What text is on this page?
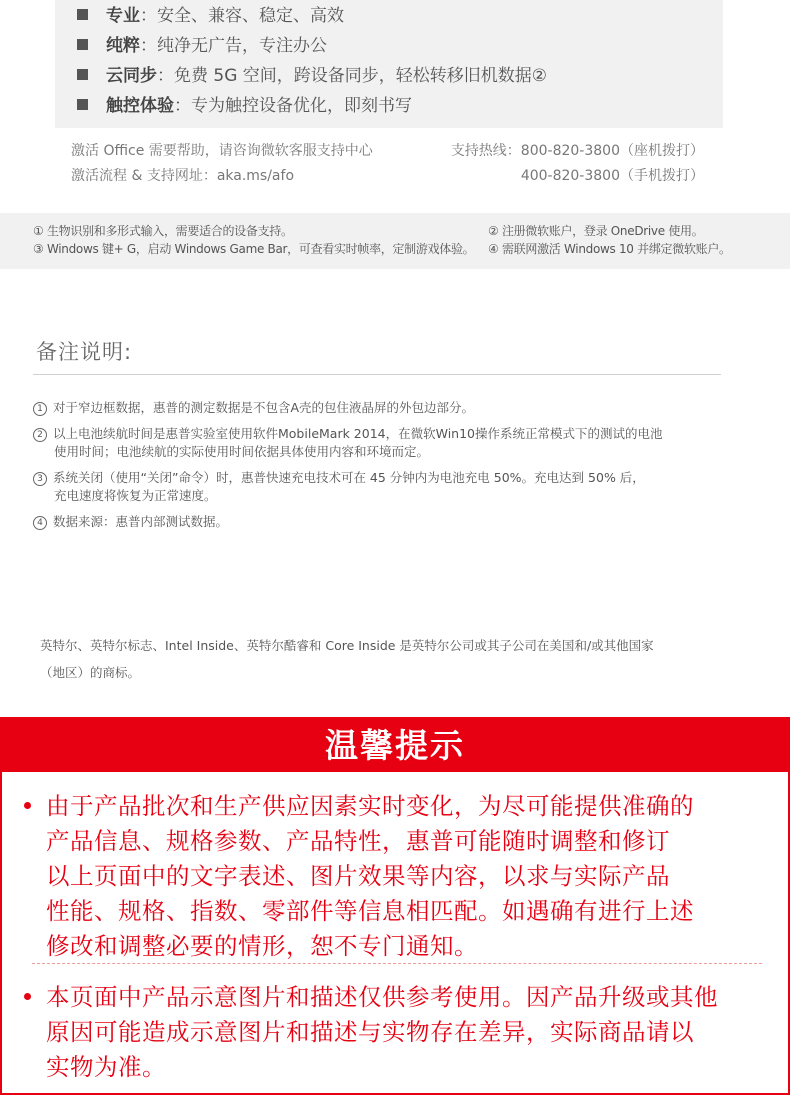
专业：安全、兼容、稳定、高效
纯粹：纯净无广告，专注办公
云同步：免费 5G 空间，跨设备同步，轻松转移旧机数据②
触控体验：专为触控设备优化，即刻书写
激活 Office 需要帮助，请咨询微软客服支持中心
激活流程 & 支持网址：aka.ms/afo
支持热线：800-820-3800（座机拨打）
400-820-3800（手机拨打）
① 生物识别和多形式输入，需要适合的设备支持。	② 注册微软账户，登录 OneDrive 使用。
③ Windows 键+ G，启动 Windows Game Bar，可查看实时帧率，定制游戏体验。 ④ 需联网激活 Windows 10 并绑定微软账户。
备注说明:
1 对于窄边框数据，惠普的测定数据是不包含A壳的包住液晶屏的外包边部分。
2 以上电池续航时间是惠普实验室使用软件MobileMark 2014，在微软Win10操作系统正常模式下的测试的电池
使用时间；电池续航的实际使用时间依据具体使用内容和环境而定。
3 系统关闭（使用“关闭”命令）时，惠普快速充电技术可在 45 分钟内为电池充电 50%。充电达到 50% 后，
充电速度将恢复为正常速度。
4 数据来源：惠普内部测试数据。
英特尔、英特尔标志、Intel Inside、英特尔酷睿和 Core Inside 是英特尔公司或其子公司在美国和/或其他国家
（地区）的商标。
温馨提示
由于产品批次和生产供应因素实时变化，为尽可能提供准确的
产品信息、规格参数、产品特性，惠普可能随时调整和修订
以上页面中的文字表述、图片效果等内容，以求与实际产品
性能、规格、指数、零部件等信息相匹配。如遇确有进行上述
修改和调整必要的情形，恕不专门通知。
本页面中产品示意图片和描述仅供参考使用。因产品升级或其他
原因可能造成示意图片和描述与实物存在差异，实际商品请以
实物为准。
